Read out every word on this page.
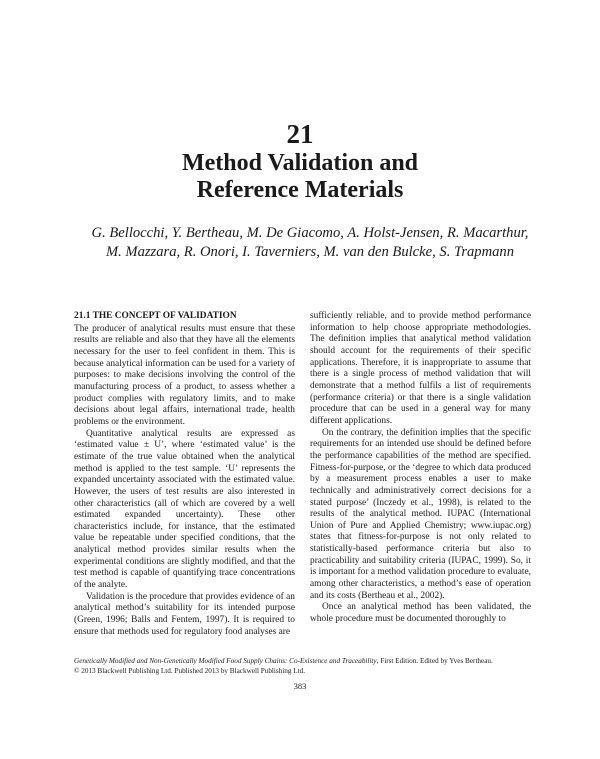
21
Method Validation and
Reference Materials
G. Bellocchi, Y. Bertheau, M. De Giacomo, A. Holst-Jensen, R. Macarthur,
M. Mazzara, R. Onori, I. Taverniers, M. van den Bulcke, S. Trapmann
21.1 THE CONCEPT OF VALIDATION

The producer of analytical results must ensure that these results are reliable and also that they have all the elements necessary for the user to feel confident in them. This is because analytical information can be used for a variety of purposes: to make decisions involving the control of the manufacturing process of a product, to assess whether a product complies with regulatory limits, and to make decisions about legal affairs, international trade, health problems or the environment.

Quantitative analytical results are expressed as ‘estimated value ± U’, where ‘estimated value’ is the estimate of the true value obtained when the analytical method is applied to the test sample. ‘U’ represents the expanded uncertainty associated with the estimated value. However, the users of test results are also interested in other characteristics (all of which are covered by a well estimated expanded uncertainty). These other characteristics include, for instance, that the estimated value be repeatable under specified conditions, that the analytical method provides similar results when the experimental conditions are slightly modified, and that the test method is capable of quantifying trace concentrations of the analyte.

Validation is the procedure that provides evidence of an analytical method’s suitability for its intended purpose (Green, 1996; Balls and Fentem, 1997). It is required to ensure that methods used for regulatory food analyses are

sufficiently reliable, and to provide method performance information to help choose appropriate methodologies. The definition implies that analytical method validation should account for the requirements of their specific applications. Therefore, it is inappropriate to assume that there is a single process of method validation that will demonstrate that a method fulfils a list of requirements (performance criteria) or that there is a single validation procedure that can be used in a general way for many different applications.

On the contrary, the definition implies that the specific requirements for an intended use should be defined before the performance capabilities of the method are specified. Fitness-for-purpose, or the ‘degree to which data produced by a measurement process enables a user to make technically and administratively correct decisions for a stated purpose’ (Inczedy et al., 1998), is related to the results of the analytical method. IUPAC (International Union of Pure and Applied Chemistry; www.iupac.org) states that fitness-for-purpose is not only related to statistically-based performance criteria but also to practicability and suitability criteria (IUPAC, 1999). So, it is important for a method validation procedure to evaluate, among other characteristics, a method’s ease of operation and its costs (Bertheau et al., 2002).

Once an analytical method has been validated, the whole procedure must be documented thoroughly to

Genetically Modified and Non-Genetically Modified Food Supply Chains: Co-Existence and Traceability, First Edition. Edited by Yves Bertheau.
© 2013 Blackwell Publishing Ltd. Published 2013 by Blackwell Publishing Ltd.
383
